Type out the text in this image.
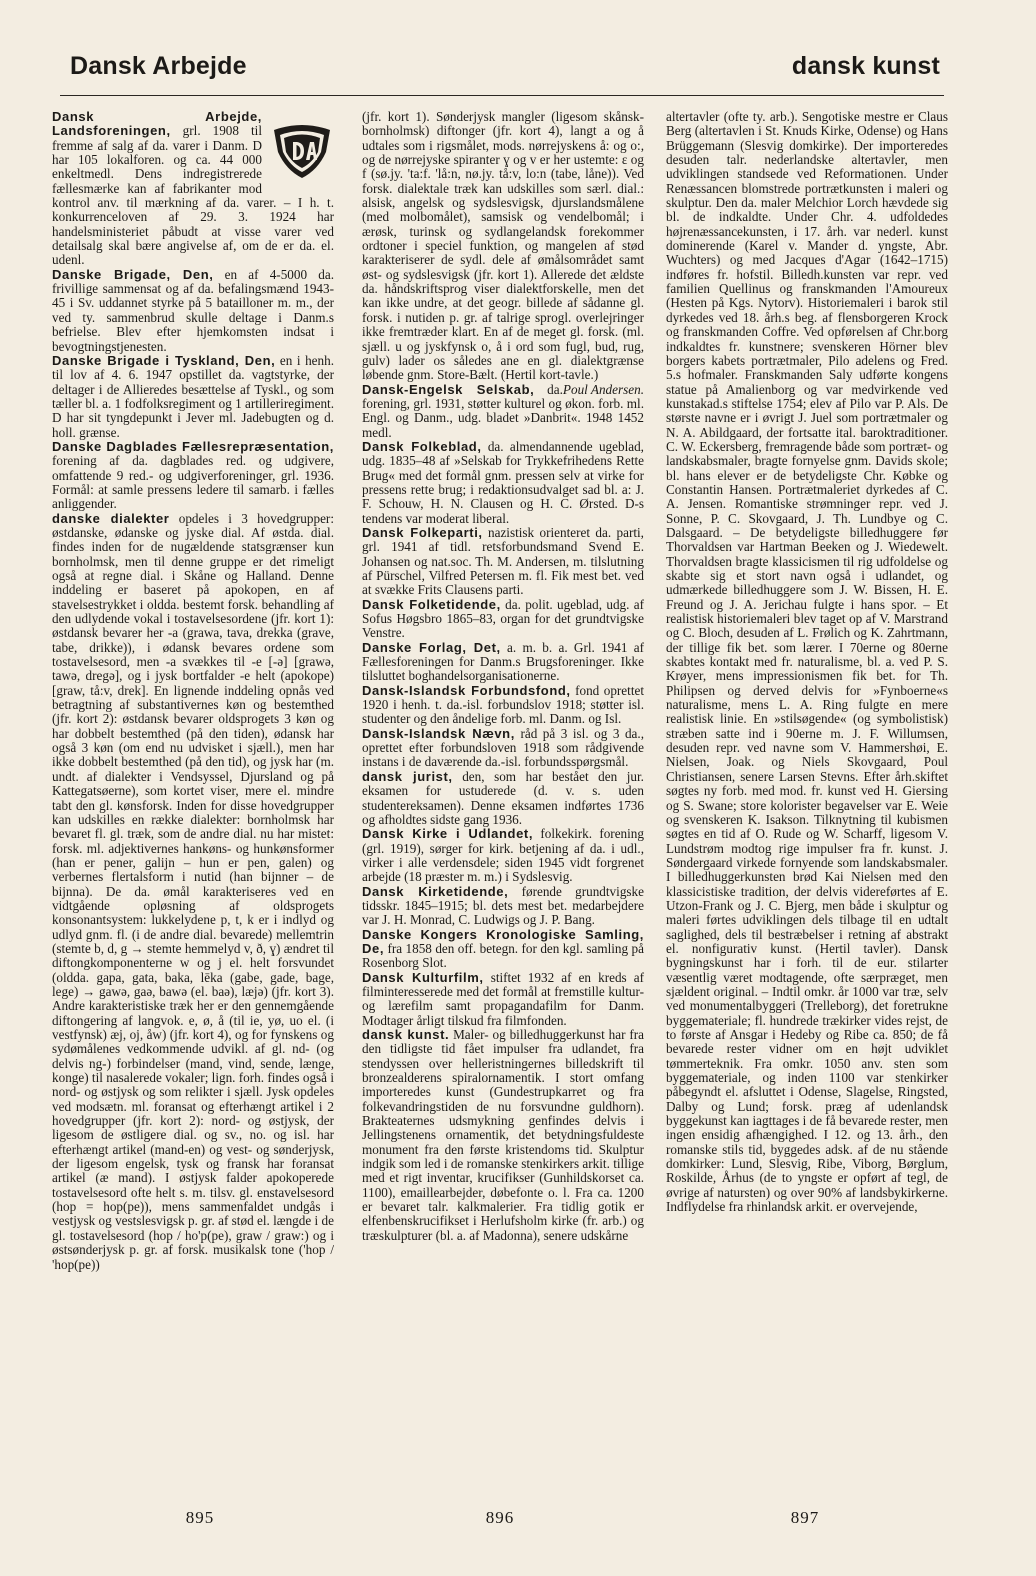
Dansk Arbejde	dansk kunst

Dansk Arbejde, Landsforeningen, grl. 1908 til fremme af salg af da. varer i Danm. D har 105 lokalforen. og ca. 44 000 enkeltmedl. Dens indregistrerede fællesmærke kan af fabrikanter mod kontrol anv. til mærkning af da. varer. – I h. t. konkurrenceloven af 29. 3. 1924 har handelsministeriet påbudt at visse varer ved detailsalg skal bære angivelse af, om de er da. el. udenl.

Danske Brigade, Den, en af 4-5000 da. frivillige sammensat og af da. befalingsmænd 1943-45 i Sv. uddannet styrke på 5 batailloner m. m., der ved ty. sammenbrud skulle deltage i Danm.s befrielse. Blev efter hjemkomsten indsat i bevogtningstjenesten.

Danske Brigade i Tyskland, Den, en i henh. til lov af 4. 6. 1947 opstillet da. vagtstyrke, der deltager i de Allieredes besættelse af Tyskl., og som tæller bl. a. 1 fodfolksregiment og 1 artilleriregiment. D har sit tyngdepunkt i Jever ml. Jadebugten og d. holl. grænse.

Danske Dagblades Fællesrepræsentation, forening af da. dagblades red. og udgivere, omfattende 9 red.- og udgiverforeninger, grl. 1936. Formål: at samle pressens ledere til samarb. i fælles anliggender.

danske dialekter opdeles i 3 hovedgrupper: østdanske, ødanske og jyske dial. Af østda. dial. findes inden for de nugældende statsgrænser kun bornholmsk, men til denne gruppe er det rimeligt også at regne dial. i Skåne og Halland. Denne inddeling er baseret på apokopen, en af stavelsestrykket i oldda. bestemt forsk. behandling af den udlydende vokal i tostavelsesordene (jfr. kort 1): østdansk bevarer her -a (grawa, tava, drekka (grave, tabe, drikke)), i ødansk bevares ordene som tostavelsesord, men -a svækkes til -e [-ə] [grawə, tawə, dregə], og i jysk bortfalder -e helt (apokope) [graw, tå:v, drek]. En lignende inddeling opnås ved betragtning af substantivernes køn og bestemthed (jfr. kort 2): østdansk bevarer oldsprogets 3 køn og har dobbelt bestemthed (på den tiden), ødansk har også 3 køn (om end nu udvisket i sjæll.), men har ikke dobbelt bestemthed (på den tid), og jysk har (m. undt. af dialekter i Vendsyssel, Djursland og på Kattegatsøerne), som kortet viser, mere el. mindre tabt den gl. kønsforsk. Inden for disse hovedgrupper kan udskilles en række dialekter: bornholmsk har bevaret fl. gl. træk, som de andre dial. nu har mistet: forsk. ml. adjektivernes hankøns- og hunkønsformer (han er pener, galijn – hun er pen, galen) og verbernes flertalsform i nutid (han bijnner – de bijnna). De da. ømål karakteriseres ved en vidtgående opløsning af oldsprogets konsonantsystem: lukkelydene p, t, k er i indlyd og udlyd gnm. fl. (i de andre dial. bevarede) mellemtrin (stemte b, d, g → stemte hemmelyd v, ð, ɣ) ændret til diftongkomponenterne w og j el. helt forsvundet (oldda. gapa, gata, baka, lēka (gabe, gade, bage, lege) → gawə, gaə, bawə (el. baə), læjə) (jfr. kort 3). Andre karakteristiske træk her er den gennemgående diftongering af langvok. e, ø, å (til ie, yø, uo el. (i vestfynsk) æj, oj, åw) (jfr. kort 4), og for fynskens og sydømålenes vedkommende udvikl. af gl. nd- (og delvis ng-) forbindelser (mand, vind, sende, længe, konge) til nasalerede vokaler; lign. forh. findes også i nord- og østjysk og som relikter i sjæll. Jysk opdeles ved modsætn. ml. foransat og efterhængt artikel i 2 hovedgrupper (jfr. kort 2): nord- og østjysk, der ligesom de østligere dial. og sv., no. og isl. har efterhængt artikel (mand-en) og vest- og sønderjysk, der ligesom engelsk, tysk og fransk har foransat artikel (æ mand). I østjysk falder apokoperede tostavelsesord ofte helt s. m. tilsv. gl. enstavelsesord (hop = hop(pe)), mens sammenfaldet undgås i vestjysk og vestslesvigsk p. gr. af stød el. længde i de gl. tostavelsesord (hop / ho'p(pe), graw / graw:) og i østsønderjysk p. gr. af forsk. musikalsk tone ('hop / 'hop(pe))

(jfr. kort 1). Sønderjysk mangler (ligesom skånsk-bornholmsk) diftonger (jfr. kort 4), langt a og å udtales som i rigsmålet, mods. nørrejyskens å: og o:, og de nørrejyske spiranter ɣ og v er her ustemte: ɛ og f (sø.jy. 'ta:f. 'lå:n, nø.jy. tå:v, lo:n (tabe, låne)). Ved forsk. dialektale træk kan udskilles som særl. dial.: alsisk, angelsk og sydslesvigsk, djurslandsmålene (med molbomålet), samsisk og vendelbomål; i ærøsk, turinsk og sydlangelandsk forekommer ordtoner i speciel funktion, og mangelen af stød karakteriserer de sydl. dele af ømålsområdet samt øst- og sydslesvigsk (jfr. kort 1). Allerede det ældste da. håndskriftsprog viser dialektforskelle, men det kan ikke undre, at det geogr. billede af sådanne gl. forsk. i nutiden p. gr. af talrige sprogl. overlejringer ikke fremtræder klart. En af de meget gl. forsk. (ml. sjæll. u og jyskfynsk o, å i ord som fugl, bud, rug, gulv) lader os således ane en gl. dialektgrænse løbende gnm. Store-Bælt. (Hertil kort-tavle.)
Poul Andersen.

Dansk-Engelsk Selskab, da. forening, grl. 1931, støtter kulturel og økon. forb. ml. Engl. og Danm., udg. bladet »Danbrit«. 1948 1452 medl.

Dansk Folkeblad, da. almendannende ugeblad, udg. 1835–48 af »Selskab for Trykkefrihedens Rette Brug« med det formål gnm. pressen selv at virke for pressens rette brug; i redaktionsudvalget sad bl. a: J. F. Schouw, H. N. Clausen og H. C. Ørsted. D-s tendens var moderat liberal.

Dansk Folkeparti, nazistisk orienteret da. parti, grl. 1941 af tidl. retsforbundsmand Svend E. Johansen og nat.soc. Th. M. Andersen, m. tilslutning af Pürschel, Vilfred Petersen m. fl. Fik mest bet. ved at svække Frits Clausens parti.

Dansk Folketidende, da. polit. ugeblad, udg. af Sofus Høgsbro 1865–83, organ for det grundtvigske Venstre.

Danske Forlag, Det, a. m. b. a. Grl. 1941 af Fællesforeningen for Danm.s Brugsforeninger. Ikke tilsluttet boghandelsorganisationerne.

Dansk-Islandsk Forbundsfond, fond oprettet 1920 i henh. t. da.-isl. forbundslov 1918; støtter isl. studenter og den åndelige forb. ml. Danm. og Isl.

Dansk-Islandsk Nævn, råd på 3 isl. og 3 da., oprettet efter forbundsloven 1918 som rådgivende instans i de daværende da.-isl. forbundsspørgsmål.

dansk jurist, den, som har bestået den jur. eksamen for ustuderede (d. v. s. uden studentereksamen). Denne eksamen indførtes 1736 og afholdtes sidste gang 1936.

Dansk Kirke i Udlandet, folkekirk. forening (grl. 1919), sørger for kirk. betjening af da. i udl., virker i alle verdensdele; siden 1945 vidt forgrenet arbejde (18 præster m. m.) i Sydslesvig.

Dansk Kirketidende, førende grundtvigske tidsskr. 1845–1915; bl. dets mest bet. medarbejdere var J. H. Monrad, C. Ludwigs og J. P. Bang.

Danske Kongers Kronologiske Samling, De, fra 1858 den off. betegn. for den kgl. samling på Rosenborg Slot.

Dansk Kulturfilm, stiftet 1932 af en kreds af filminteresserede med det formål at fremstille kultur- og lærefilm samt propagandafilm for Danm. Modtager årligt tilskud fra filmfonden.

dansk kunst. Maler- og billedhuggerkunst har fra den tidligste tid fået impulser fra udlandet, fra stendyssen over helleristningernes billedskrift til bronzealderens spiralornamentik. I stort omfang importeredes kunst (Gundestrupkarret og fra folkevandringstiden de nu forsvundne guldhorn). Brakteaternes udsmykning genfindes delvis i Jellingstenens ornamentik, det betydningsfuldeste monument fra den første kristendoms tid. Skulptur indgik som led i de romanske stenkirkers arkit. tillige med et rigt inventar, krucifikser (Gunhildskorset ca. 1100), emaillearbejder, døbefonte o. l. Fra ca. 1200 er bevaret talr. kalkmalerier. Fra tidlig gotik er elfenbenskrucifikset i Herlufsholm kirke (fr. arb.) og træskulpturer (bl. a. af Madonna), senere udskårne

altertavler (ofte ty. arb.). Sengotiske mestre er Claus Berg (altertavlen i St. Knuds Kirke, Odense) og Hans Brüggemann (Slesvig domkirke). Der importeredes desuden talr. nederlandske altertavler, men udviklingen standsede ved Reformationen. Under Renæssancen blomstrede portrætkunsten i maleri og skulptur. Den da. maler Melchior Lorch hævdede sig bl. de indkaldte. Under Chr. 4. udfoldedes højrenæssancekunsten, i 17. årh. var nederl. kunst dominerende (Karel v. Mander d. yngste, Abr. Wuchters) og med Jacques d'Agar (1642–1715) indføres fr. hofstil. Billedh.kunsten var repr. ved familien Quellinus og franskmanden l'Amoureux (Hesten på Kgs. Nytorv). Historiemaleri i barok stil dyrkedes ved 18. årh.s beg. af flensborgeren Krock og franskmanden Coffre. Ved opførelsen af Chr.borg indkaldtes fr. kunstnere; svenskeren Hörner blev borgers kabets portrætmaler, Pilo adelens og Fred. 5.s hofmaler. Franskmanden Saly udførte kongens statue på Amalienborg og var medvirkende ved kunstakad.s stiftelse 1754; elev af Pilo var P. Als. De største navne er i øvrigt J. Juel som portrætmaler og N. A. Abildgaard, der fortsatte ital. baroktraditioner. C. W. Eckersberg, fremragende både som portræt- og landskabsmaler, bragte fornyelse gnm. Davids skole; bl. hans elever er de betydeligste Chr. Købke og Constantin Hansen. Portrætmaleriet dyrkedes af C. A. Jensen. Romantiske strømninger repr. ved J. Sonne, P. C. Skovgaard, J. Th. Lundbye og C. Dalsgaard. – De betydeligste billedhuggere før Thorvaldsen var Hartman Beeken og J. Wiedewelt. Thorvaldsen bragte klassicismen til rig udfoldelse og skabte sig et stort navn også i udlandet, og udmærkede billedhuggere som J. W. Bissen, H. E. Freund og J. A. Jerichau fulgte i hans spor. – Et realistisk historiemaleri blev taget op af V. Marstrand og C. Bloch, desuden af L. Frølich og K. Zahrtmann, der tillige fik bet. som lærer. I 70erne og 80erne skabtes kontakt med fr. naturalisme, bl. a. ved P. S. Krøyer, mens impressionismen fik bet. for Th. Philipsen og derved delvis for »Fynboerne«s naturalisme, mens L. A. Ring fulgte en mere realistisk linie. En »stilsøgende« (og symbolistisk) stræben satte ind i 90erne m. J. F. Willumsen, desuden repr. ved navne som V. Hammershøi, E. Nielsen, Joak. og Niels Skovgaard, Poul Christiansen, senere Larsen Stevns. Efter årh.skiftet søgtes ny forb. med mod. fr. kunst ved H. Giersing og S. Swane; store kolorister begavelser var E. Weie og svenskeren K. Isakson. Tilknytning til kubismen søgtes en tid af O. Rude og W. Scharff, ligesom V. Lundstrøm modtog rige impulser fra fr. kunst. J. Søndergaard virkede fornyende som landskabsmaler. I billedhuggerkunsten brød Kai Nielsen med den klassicistiske tradition, der delvis videreførtes af E. Utzon-Frank og J. C. Bjerg, men både i skulptur og maleri førtes udviklingen dels tilbage til en udtalt saglighed, dels til bestræbelser i retning af abstrakt el. nonfigurativ kunst. (Hertil tavler). Dansk bygningskunst har i forh. til de eur. stilarter væsentlig været modtagende, ofte særpræget, men sjældent original. – Indtil omkr. år 1000 var træ, selv ved monumentalbyggeri (Trelleborg), det foretrukne byggemateriale; fl. hundrede trækirker vides rejst, de to første af Ansgar i Hedeby og Ribe ca. 850; de få bevarede rester vidner om en højt udviklet tømmerteknik. Fra omkr. 1050 anv. sten som byggemateriale, og inden 1100 var stenkirker påbegyndt el. afsluttet i Odense, Slagelse, Ringsted, Dalby og Lund; forsk. præg af udenlandsk byggekunst kan iagttages i de få bevarede rester, men ingen ensidig afhængighed. I 12. og 13. årh., den romanske stils tid, byggedes adsk. af de nu stående domkirker: Lund, Slesvig, Ribe, Viborg, Børglum, Roskilde, Århus (de to yngste er opført af tegl, de øvrige af natursten) og over 90% af landsbykirkerne. Indflydelse fra rhinlandsk arkit. er overvejende,

895	896	897
